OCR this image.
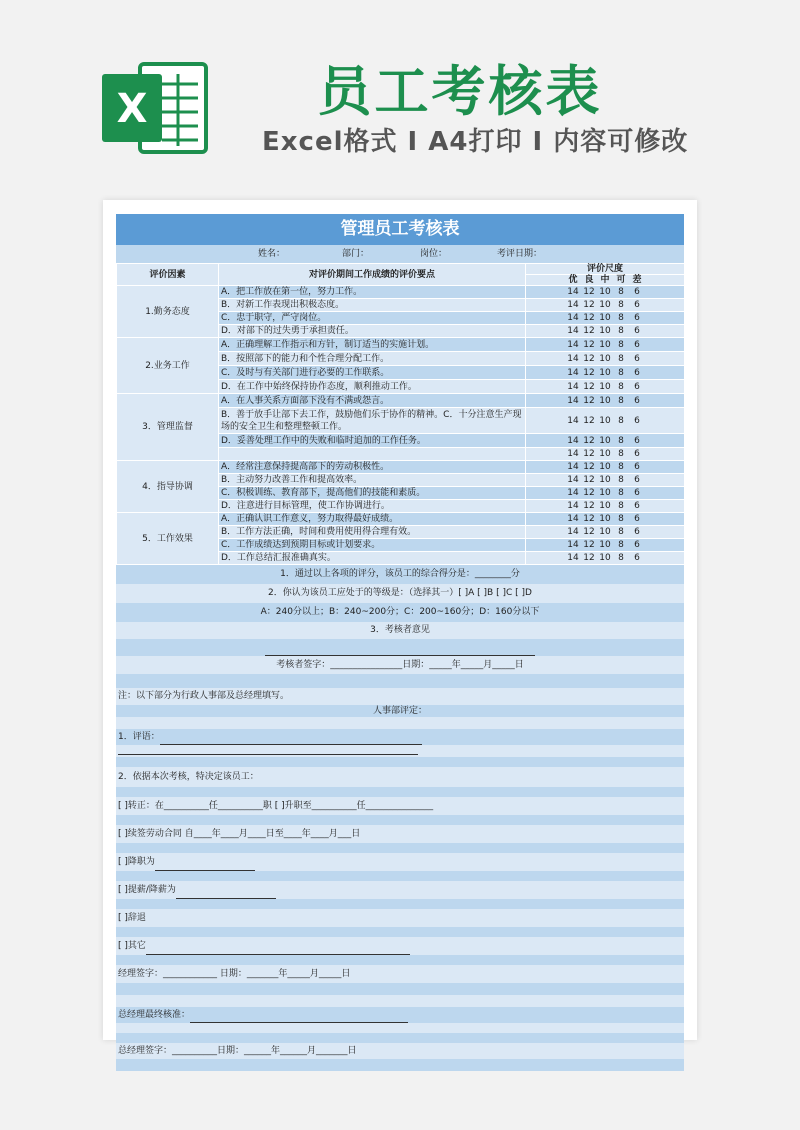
X	员工考核表
Excel格式 I A4打印 I 内容可修改
管理员工考核表
姓名：	部门：	岗位：	考评日期：
评价因素	对评价期间工作成绩的评价要点	评价尺度
		优 良 中 可 差
1.勤务态度	A．把工作放在第一位，努力工作。	14 12 10 8 6
	B．对新工作表现出积极态度。	14 12 10 8 6
	C．忠于职守，严守岗位。	14 12 10 8 6
	D．对部下的过失勇于承担责任。	14 12 10 8 6
2.业务工作	A．正确理解工作指示和方针，制订适当的实施计划。	14 12 10 8 6
	B．按照部下的能力和个性合理分配工作。	14 12 10 8 6
	C．及时与有关部门进行必要的工作联系。	14 12 10 8 6
	D．在工作中始终保持协作态度，顺利推动工作。	14 12 10 8 6
3．管理监督	A．在人事关系方面部下没有不满或怨言。	14 12 10 8 6
	B．善于放手让部下去工作，鼓励他们乐于协作的精神。C．十分注意生产现场的安全卫生和整理整顿工作。	14 12 10 8 6
	D．妥善处理工作中的失败和临时追加的工作任务。	14 12 10 8 6
		14 12 10 8 6
4．指导协调	A．经常注意保持提高部下的劳动积极性。	14 12 10 8 6
	B．主动努力改善工作和提高效率。	14 12 10 8 6
	C．积极训练、教育部下，提高他们的技能和素质。	14 12 10 8 6
	D．注意进行目标管理，使工作协调进行。	14 12 10 8 6
5．工作效果	A．正确认识工作意义，努力取得最好成绩。	14 12 10 8 6
	B．工作方法正确，时间和费用使用得合理有效。	14 12 10 8 6
	C．工作成绩达到预期目标或计划要求。	14 12 10 8 6
	D．工作总结汇报准确真实。	14 12 10 8 6
1．通过以上各项的评分，该员工的综合得分是：________分
2．你认为该员工应处于的等级是：（选择其一）[ ]A [ ]B [ ]C [ ]D
A：240分以上；B：240~200分；C：200~160分；D：160分以下
3．考核者意见
考核者签字：________________日期：_____年_____月_____日
注：以下部分为行政人事部及总经理填写。
人事部评定：
1．评语：
2．依据本次考核，特决定该员工：
[ ]转正：在__________任__________职 [ ]升职至__________任_______________
[ ]续签劳动合同 自____年____月____日至____年____月___日
[ ]降职为
[ ]提薪/降薪为
[ ]辞退
[ ]其它
经理签字：____________ 日期：_______年_____月_____日
总经理最终核准：
总经理签字：__________日期：______年______月_______日
